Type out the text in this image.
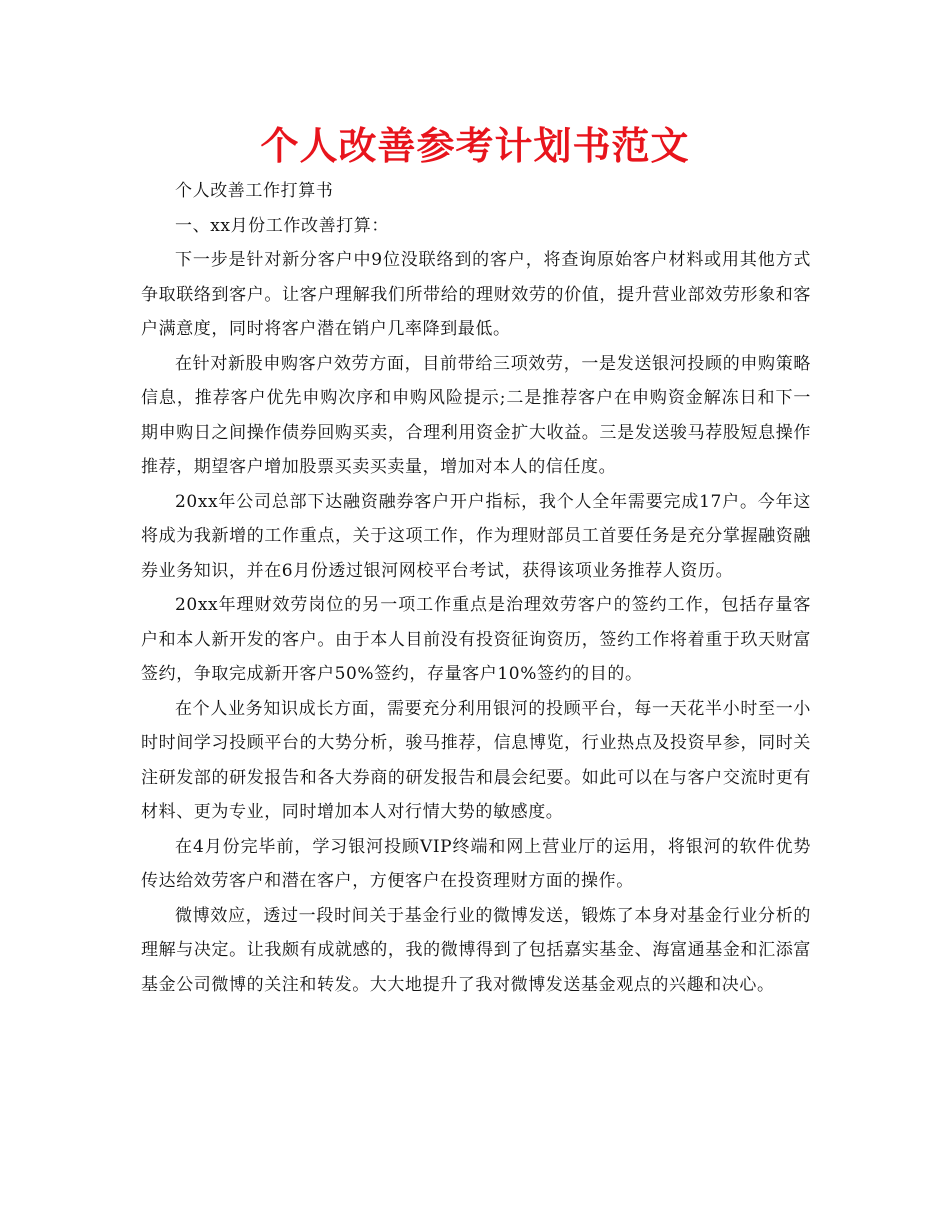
个人改善参考计划书范文

个人改善工作打算书

一、xx月份工作改善打算：

下一步是针对新分客户中9位没联络到的客户，将查询原始客户材料或用其他方式争取联络到客户。让客户理解我们所带给的理财效劳的价值，提升营业部效劳形象和客户满意度，同时将客户潜在销户几率降到最低。

在针对新股申购客户效劳方面，目前带给三项效劳，一是发送银河投顾的申购策略信息，推荐客户优先申购次序和申购风险提示;二是推荐客户在申购资金解冻日和下一期申购日之间操作债券回购买卖，合理利用资金扩大收益。三是发送骏马荐股短息操作推荐，期望客户增加股票买卖买卖量，增加对本人的信任度。

20xx年公司总部下达融资融券客户开户指标，我个人全年需要完成17户。今年这将成为我新增的工作重点，关于这项工作，作为理财部员工首要任务是充分掌握融资融券业务知识，并在6月份透过银河网校平台考试，获得该项业务推荐人资历。

20xx年理财效劳岗位的另一项工作重点是治理效劳客户的签约工作，包括存量客户和本人新开发的客户。由于本人目前没有投资征询资历，签约工作将着重于玖天财富签约，争取完成新开客户50%签约，存量客户10%签约的目的。

在个人业务知识成长方面，需要充分利用银河的投顾平台，每一天花半小时至一小时时间学习投顾平台的大势分析，骏马推荐，信息博览，行业热点及投资早参，同时关注研发部的研发报告和各大券商的研发报告和晨会纪要。如此可以在与客户交流时更有材料、更为专业，同时增加本人对行情大势的敏感度。

在4月份完毕前，学习银河投顾VIP终端和网上营业厅的运用，将银河的软件优势传达给效劳客户和潜在客户，方便客户在投资理财方面的操作。

微博效应，透过一段时间关于基金行业的微博发送，锻炼了本身对基金行业分析的理解与决定。让我颇有成就感的，我的微博得到了包括嘉实基金、海富通基金和汇添富基金公司微博的关注和转发。大大地提升了我对微博发送基金观点的兴趣和决心。
